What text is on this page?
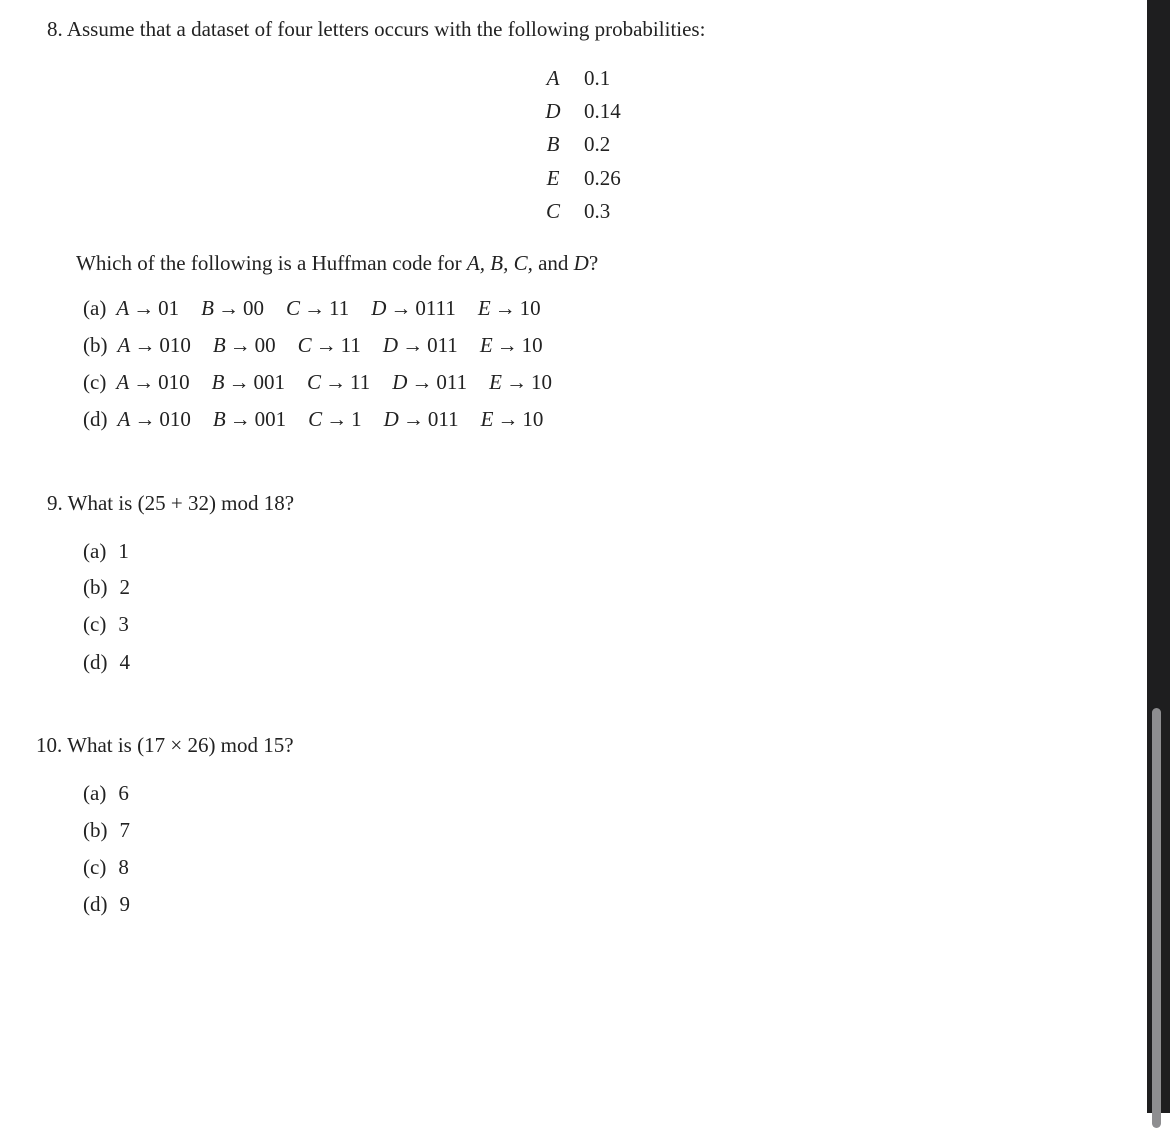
8. Assume that a dataset of four letters occurs with the following probabilities:
A	0.1
D 0.14
B	0.2
E	0.26
C 0.3
Which of the following is a Huffman code for A, B, C, and D?
(a) A → 01 B → 00 C → 11 D → 0111 E → 10
(b) A → 010 B → 00 C → 11 D → 011 E → 10
(c) A → 010 B → 001 C → 11 D → 011 E → 10
(d) A → 010 B → 001 C → 1 D → 011 E → 10
9. What is (25 + 32) mod 18?
(a) 1
(b) 2
(c) 3
(d) 4
10. What is (17 × 26) mod 15?
(a) 6
(b) 7
(c) 8
(d) 9
